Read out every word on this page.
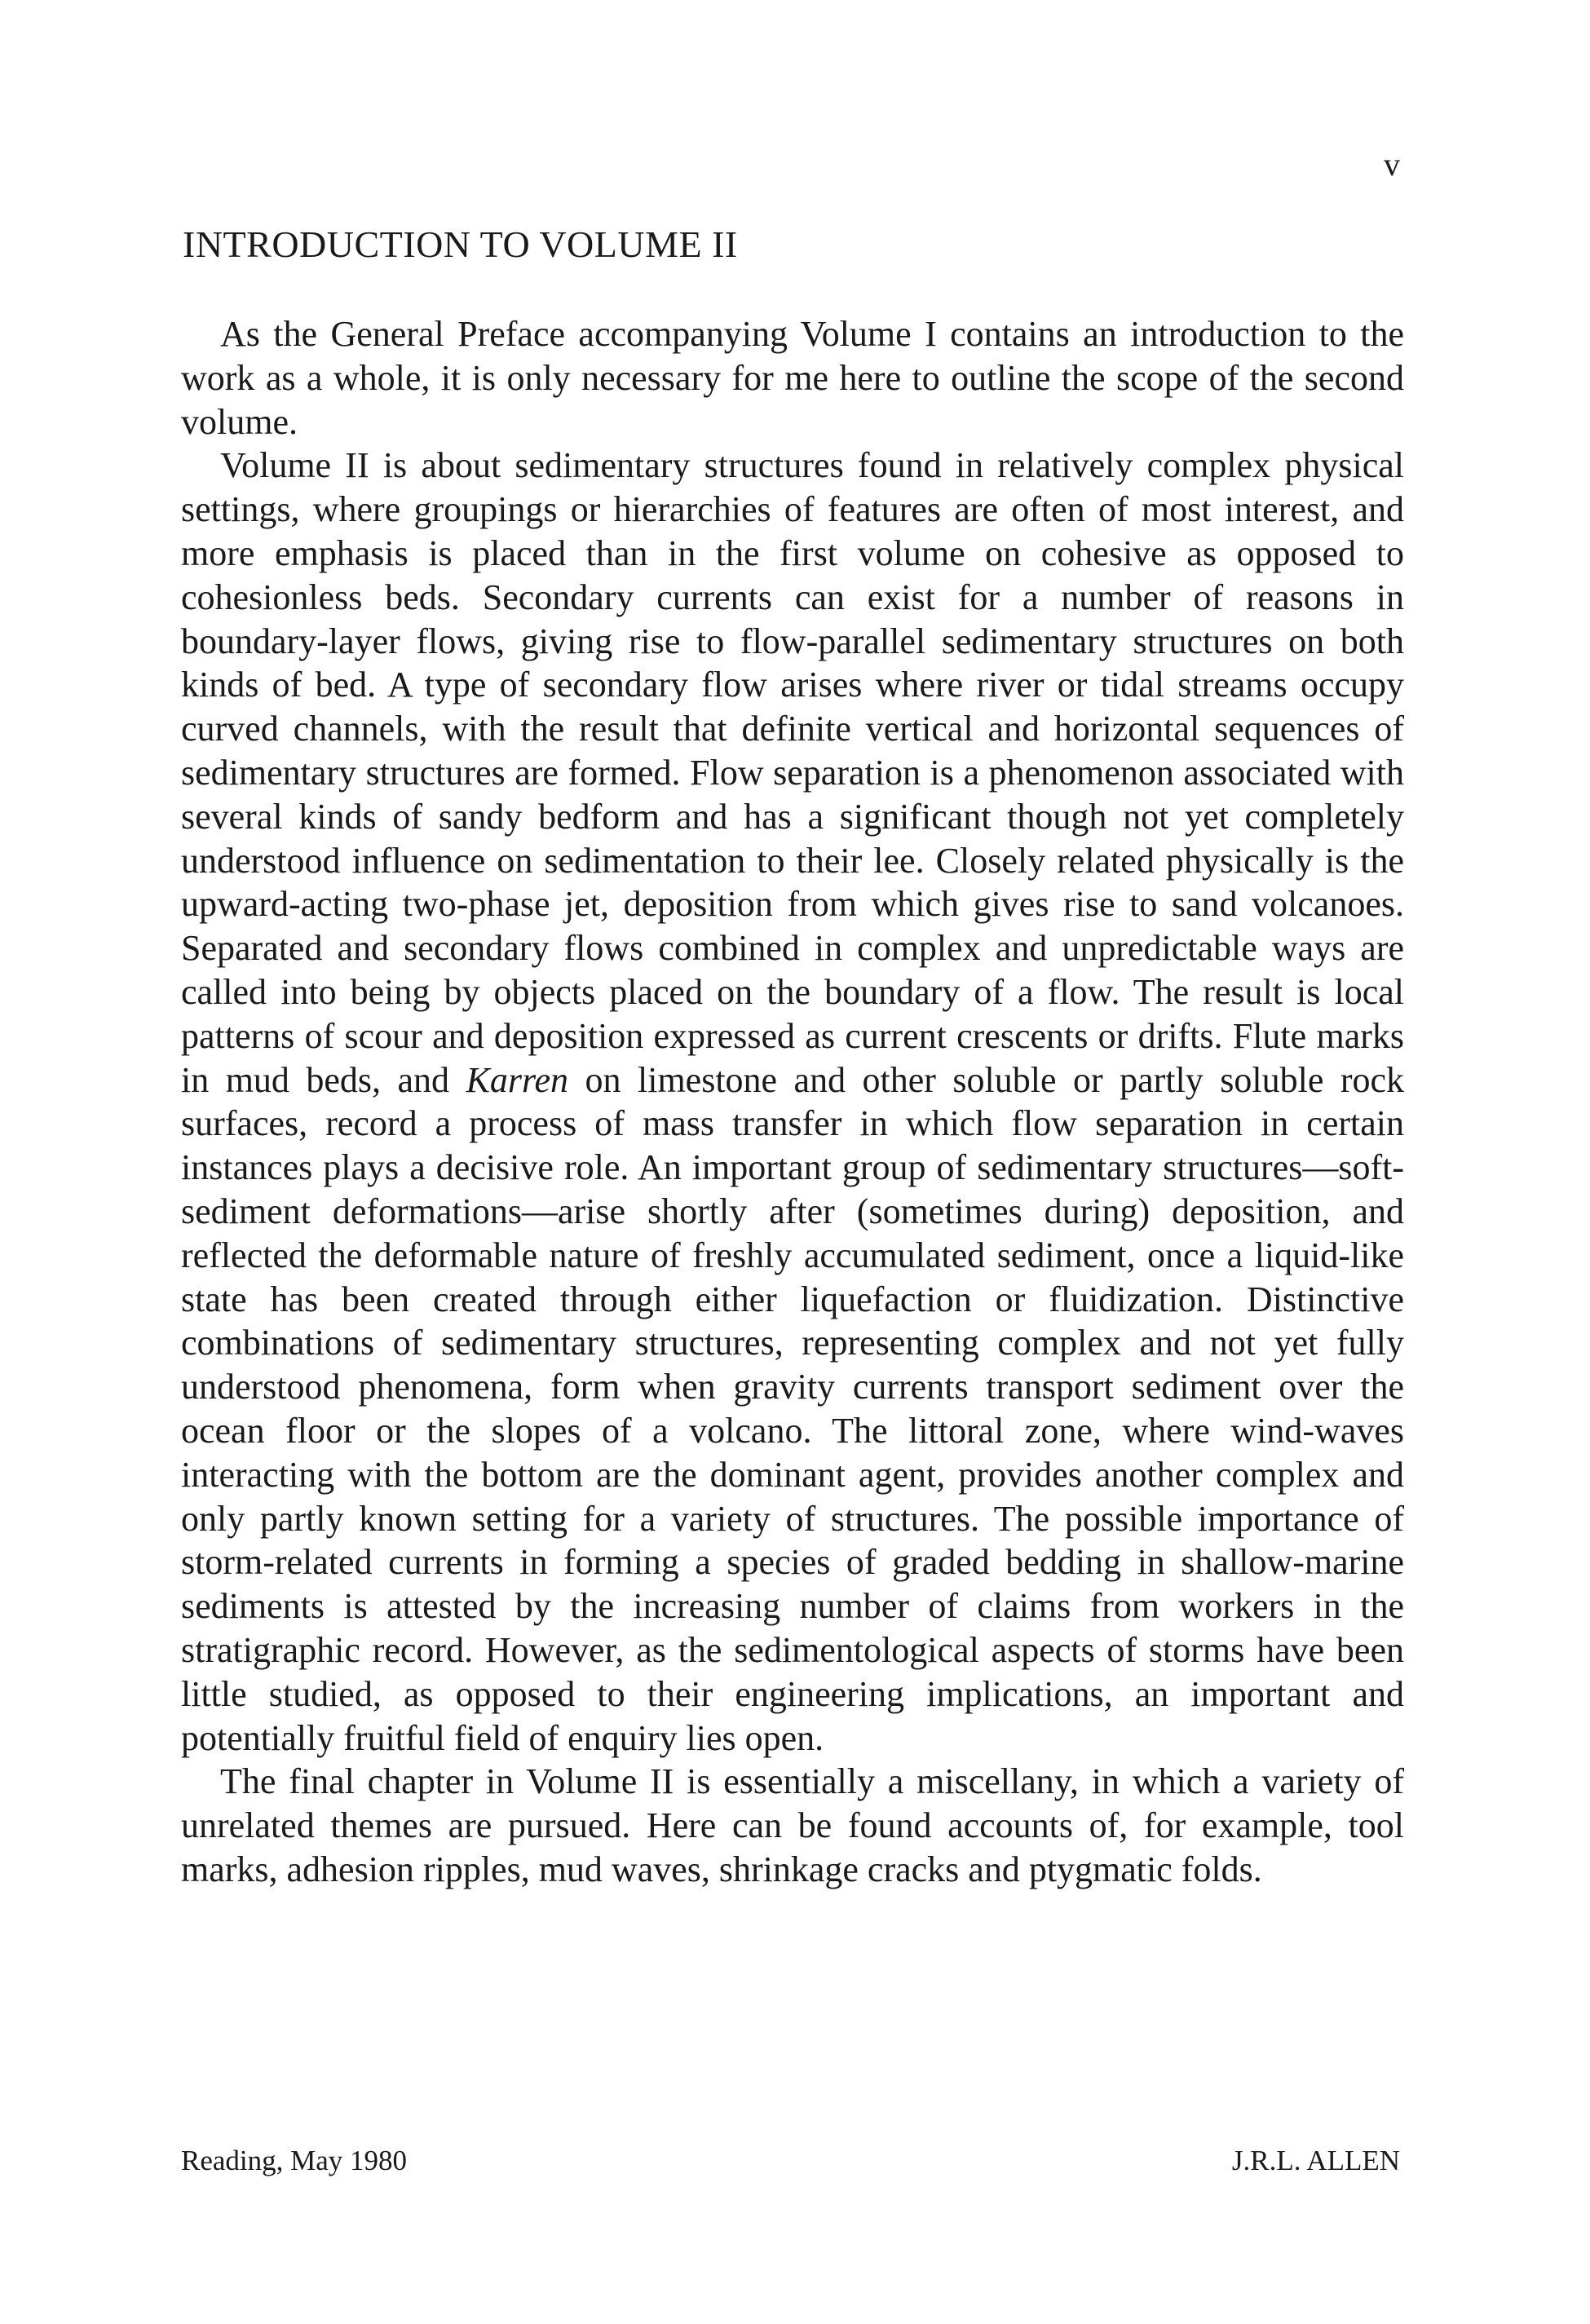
v
INTRODUCTION TO VOLUME II

As the General Preface accompanying Volume I contains an introduction to the work as a whole, it is only necessary for me here to outline the scope of the second volume.

Volume II is about sedimentary structures found in relatively complex physical settings, where groupings or hierarchies of features are often of most interest, and more emphasis is placed than in the first volume on cohesive as opposed to cohesionless beds. Secondary currents can exist for a number of reasons in boundary-layer flows, giving rise to flow-parallel sedimentary structures on both kinds of bed. A type of secondary flow arises where river or tidal streams occupy curved channels, with the result that definite vertical and horizontal sequences of sedimentary structures are formed. Flow separation is a phenomenon associated with several kinds of sandy bedform and has a significant though not yet completely understood influence on sedimentation to their lee. Closely related physically is the upward-acting two-phase jet, deposition from which gives rise to sand volcanoes. Separated and secondary flows combined in complex and unpredictable ways are called into being by objects placed on the boundary of a flow. The result is local patterns of scour and deposition expressed as current crescents or drifts. Flute marks in mud beds, and Karren on limestone and other soluble or partly soluble rock surfaces, record a process of mass transfer in which flow separation in certain instances plays a decisive role. An important group of sedimentary structures—soft-sediment deformations—arise shortly after (sometimes during) deposition, and reflected the deformable nature of freshly accumulated sediment, once a liquid-like state has been created through either liquefaction or fluidization. Distinctive combinations of sedimentary structures, representing complex and not yet fully understood phenomena, form when gravity currents transport sediment over the ocean floor or the slopes of a volcano. The littoral zone, where wind-waves interacting with the bottom are the dominant agent, provides another complex and only partly known setting for a variety of structures. The possible importance of storm-related currents in forming a species of graded bedding in shallow-marine sediments is attested by the increasing number of claims from workers in the stratigraphic record. However, as the sedimentological aspects of storms have been little studied, as opposed to their engineering implications, an important and potentially fruitful field of enquiry lies open.

The final chapter in Volume II is essentially a miscellany, in which a variety of unrelated themes are pursued. Here can be found accounts of, for example, tool marks, adhesion ripples, mud waves, shrinkage cracks and ptygmatic folds.

Reading, May 1980	J.R.L. ALLEN
